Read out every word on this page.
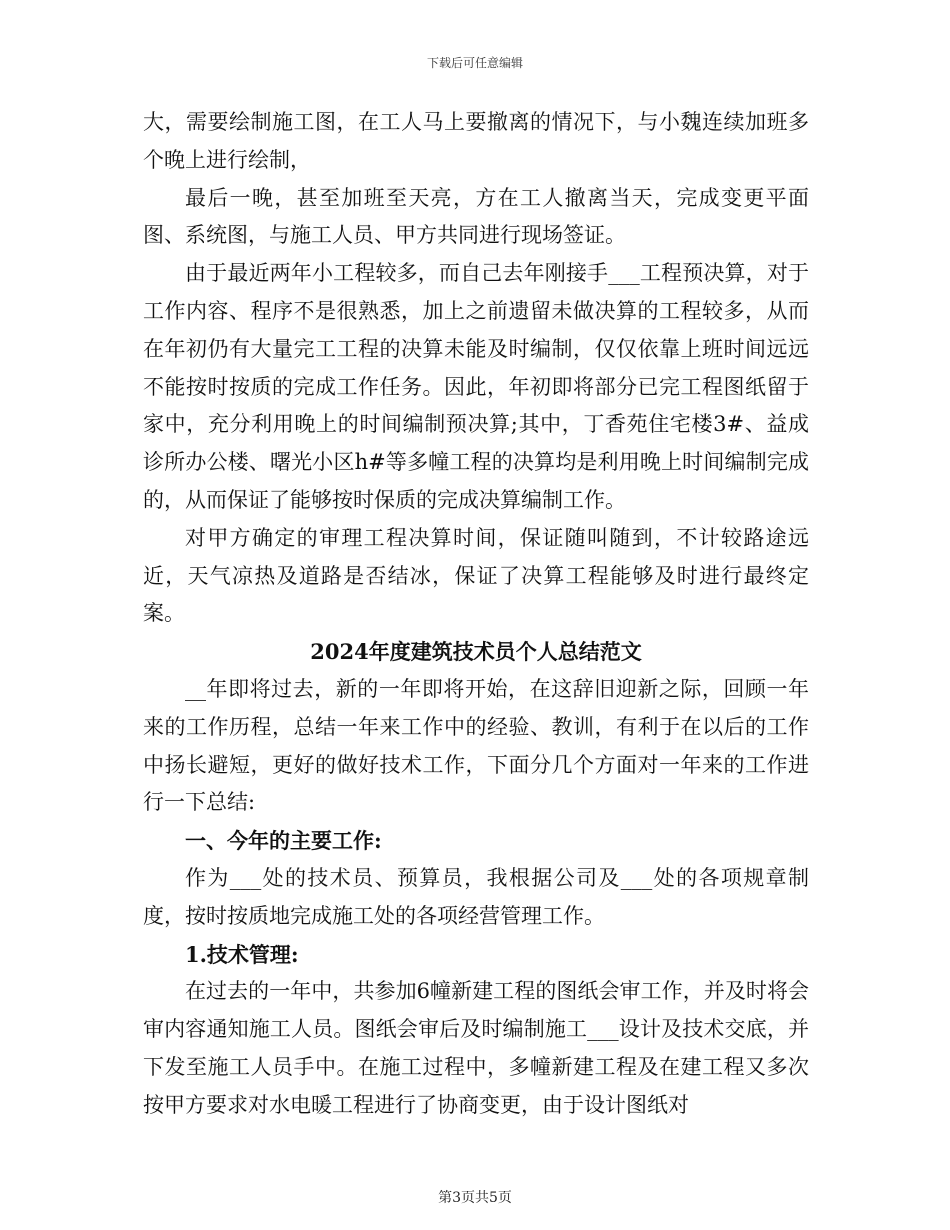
下载后可任意编辑

大，需要绘制施工图，在工人马上要撤离的情况下，与小魏连续加班多个晚上进行绘制，

最后一晚，甚至加班至天亮，方在工人撤离当天，完成变更平面图、系统图，与施工人员、甲方共同进行现场签证。

由于最近两年小工程较多，而自己去年刚接手___工程预决算，对于工作内容、程序不是很熟悉，加上之前遗留未做决算的工程较多，从而在年初仍有大量完工工程的决算未能及时编制，仅仅依靠上班时间远远不能按时按质的完成工作任务。因此，年初即将部分已完工程图纸留于家中，充分利用晚上的时间编制预决算;其中，丁香苑住宅楼3#、益成诊所办公楼、曙光小区h#等多幢工程的决算均是利用晚上时间编制完成的，从而保证了能够按时保质的完成决算编制工作。

对甲方确定的审理工程决算时间，保证随叫随到，不计较路途远近，天气凉热及道路是否结冰，保证了决算工程能够及时进行最终定案。

2024年度建筑技术员个人总结范文

__年即将过去，新的一年即将开始，在这辞旧迎新之际，回顾一年来的工作历程，总结一年来工作中的经验、教训，有利于在以后的工作中扬长避短，更好的做好技术工作，下面分几个方面对一年来的工作进行一下总结:

一、今年的主要工作:

作为___处的技术员、预算员，我根据公司及___处的各项规章制度，按时按质地完成施工处的各项经营管理工作。

1.技术管理:

在过去的一年中，共参加6幢新建工程的图纸会审工作，并及时将会审内容通知施工人员。图纸会审后及时编制施工___设计及技术交底，并下发至施工人员手中。在施工过程中，多幢新建工程及在建工程又多次按甲方要求对水电暖工程进行了协商变更，由于设计图纸对

第3页共5页
